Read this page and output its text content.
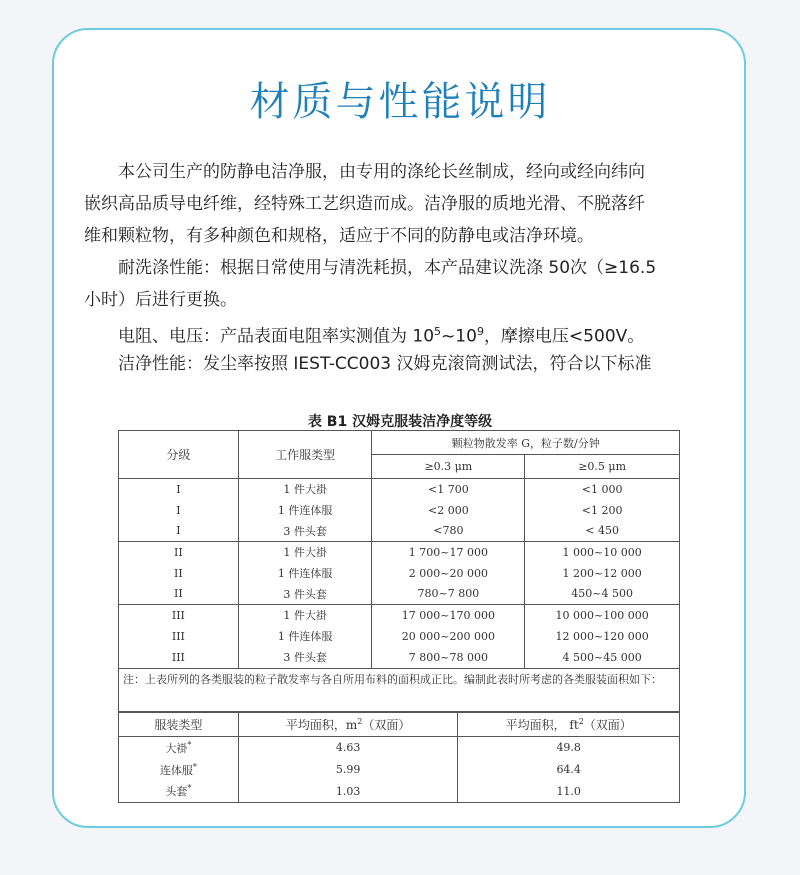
材质与性能说明

本公司生产的防静电洁净服，由专用的涤纶长丝制成，经向或经向纬向

嵌织高品质导电纤维，经特殊工艺织造而成。洁净服的质地光滑、不脱落纤

维和颗粒物，有多种颜色和规格，适应于不同的防静电或洁净环境。

耐洗涤性能：根据日常使用与清洗耗损，本产品建议洗涤 50次（≥16.5

小时）后进行更换。

电阻、电压：产品表面电阻率实测值为 $10^5\sim 10^9$，摩擦电压<500V。

洁净性能：发尘率按照 IEST-CC003 汉姆克滚筒测试法，符合以下标准

表 B1 汉姆克服装洁净度等级
分级	工作服类型	颗粒物散发率 G，粒子数/分钟	
		≥0.3 μm	≥0.5 μm
I	1 件大褂	<1 700	<1 000
I	1 件连体服	<2 000	<1 200
I	3 件头套	<780	< 450
II	1 件大褂	1 700~17 000	1 000~10 000
II	1 件连体服	2 000~20 000	1 200~12 000
II	3 件头套	780~7 800	450~4 500
III	1 件大褂	17 000~170 000	10 000~100 000
III	1 件连体服	20 000~200 000	12 000~120 000
III	3 件头套	7 800~78 000	4 500~45 000
注：上表所列的各类服装的粒子散发率与各自所用布料的面积成正比。编制此表时所考虑的各类服装面积如下：
服装类型	平均面积，$m^2$（双面）	平均面积， $ft^2$（双面）
大褂*	4.63	49.8
连体服*	5.99	64.4
头套*	1.03	11.0
